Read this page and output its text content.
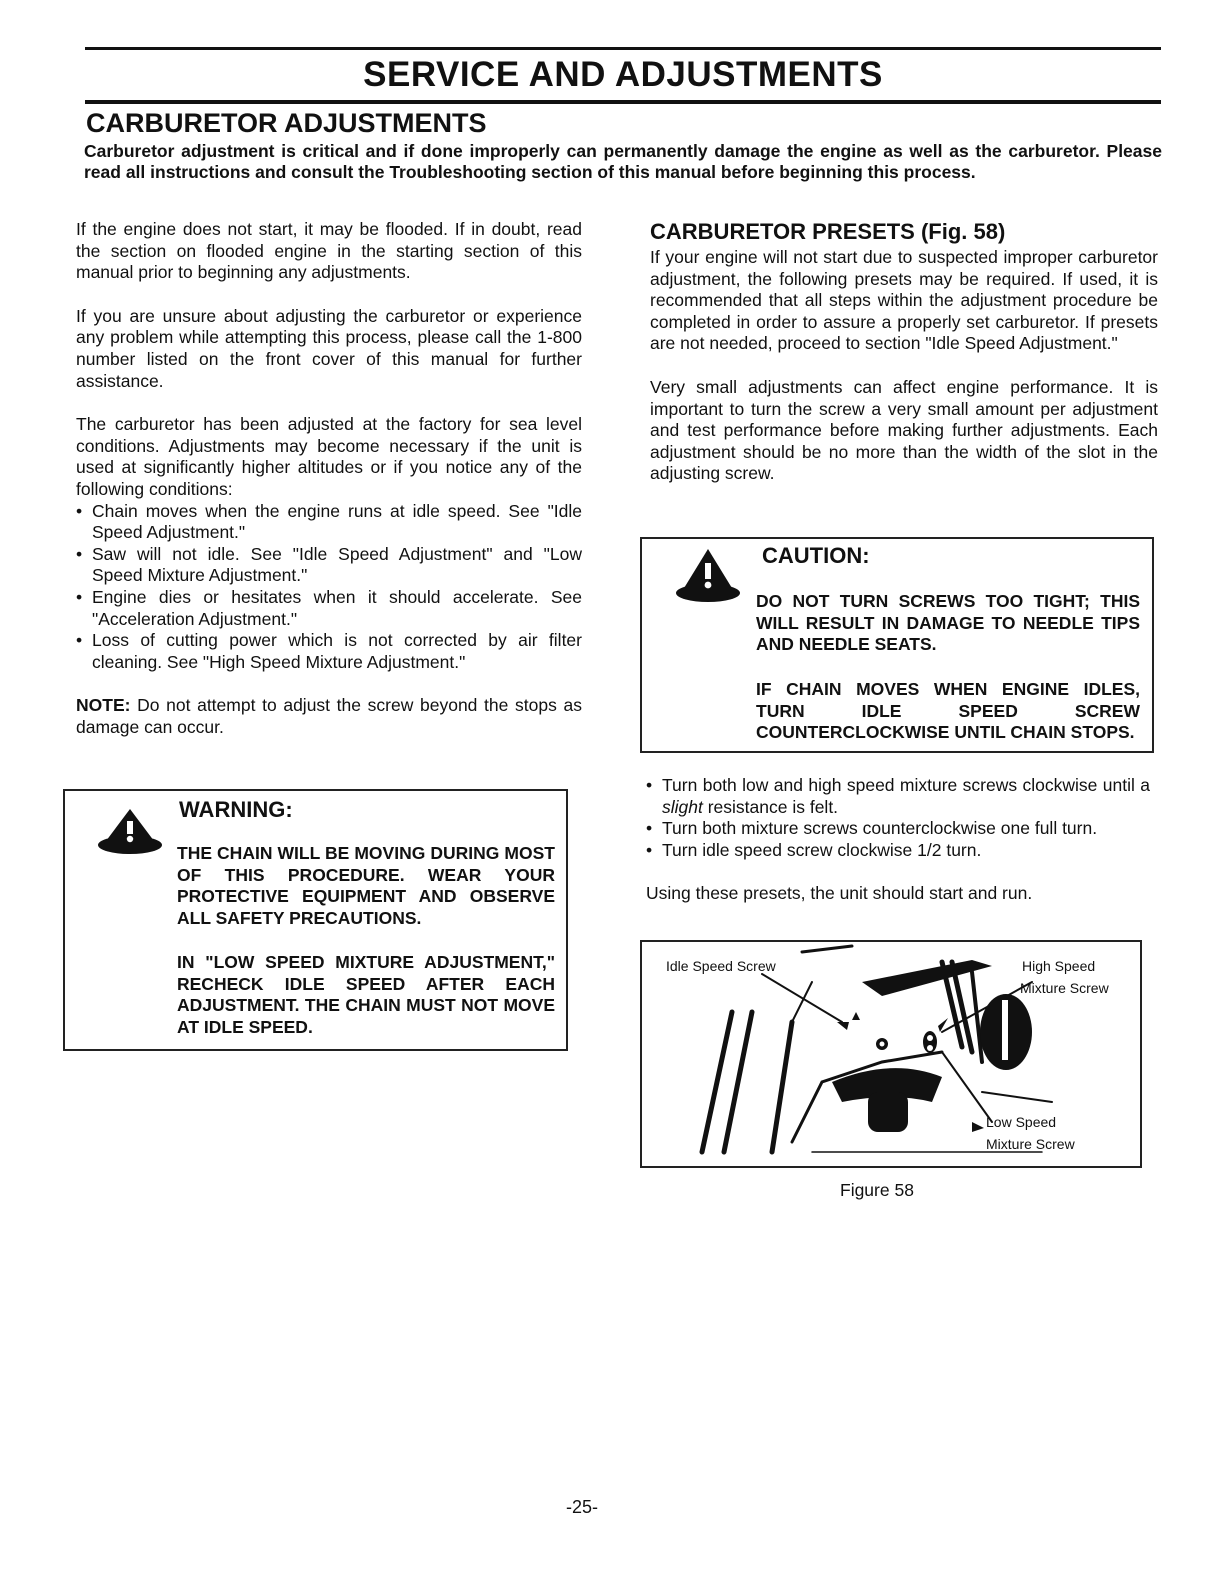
SERVICE AND ADJUSTMENTS
CARBURETOR ADJUSTMENTS
Carburetor adjustment is critical and if done improperly can permanently damage the engine as well as the carburetor. Please read all instructions and consult the Troubleshooting section of this manual before beginning this process.

If the engine does not start, it may be flooded. If in doubt, read the section on flooded engine in the starting section of this manual prior to beginning any adjustments.

If you are unsure about adjusting the carburetor or experience any problem while attempting this process, please call the 1-800 number listed on the front cover of this manual for further assistance.

The carburetor has been adjusted at the factory for sea level conditions. Adjustments may become necessary if the unit is used at significantly higher altitudes or if you notice any of the following conditions:

• Chain moves when the engine runs at idle speed. See "Idle Speed Adjustment."
• Saw will not idle. See "Idle Speed Adjustment" and "Low Speed Mixture Adjustment."
• Engine dies or hesitates when it should accelerate. See "Acceleration Adjustment."
• Loss of cutting power which is not corrected by air filter cleaning. See "High Speed Mixture Adjustment."

NOTE: Do not attempt to adjust the screw beyond the stops as damage can occur.

WARNING:
THE CHAIN WILL BE MOVING DURING MOST OF THIS PROCEDURE. WEAR YOUR PROTECTIVE EQUIPMENT AND OBSERVE ALL SAFETY PRECAUTIONS.
IN "LOW SPEED MIXTURE ADJUSTMENT," RECHECK IDLE SPEED AFTER EACH ADJUSTMENT. THE CHAIN MUST NOT MOVE AT IDLE SPEED.
CARBURETOR PRESETS (Fig. 58)

If your engine will not start due to suspected improper carburetor adjustment, the following presets may be required. If used, it is recommended that all steps within the adjustment procedure be completed in order to assure a properly set carburetor. If presets are not needed, proceed to section "Idle Speed Adjustment."

Very small adjustments can affect engine performance. It is important to turn the screw a very small amount per adjustment and test performance before making further adjustments. Each adjustment should be no more than the width of the slot in the adjusting screw.

CAUTION:
DO NOT TURN SCREWS TOO TIGHT; THIS WILL RESULT IN DAMAGE TO NEEDLE TIPS AND NEEDLE SEATS.
IF CHAIN MOVES WHEN ENGINE IDLES, TURN IDLE SPEED SCREW COUNTERCLOCKWISE UNTIL CHAIN STOPS.
• Turn both low and high speed mixture screws clockwise until a slight resistance is felt.
• Turn both mixture screws counterclockwise one full turn.
• Turn idle speed screw clockwise 1/2 turn.

Using these presets, the unit should start and run.

Idle Speed Screw	High Speed
Mixture Screw
Low Speed
Mixture Screw
Figure 58
-25-
